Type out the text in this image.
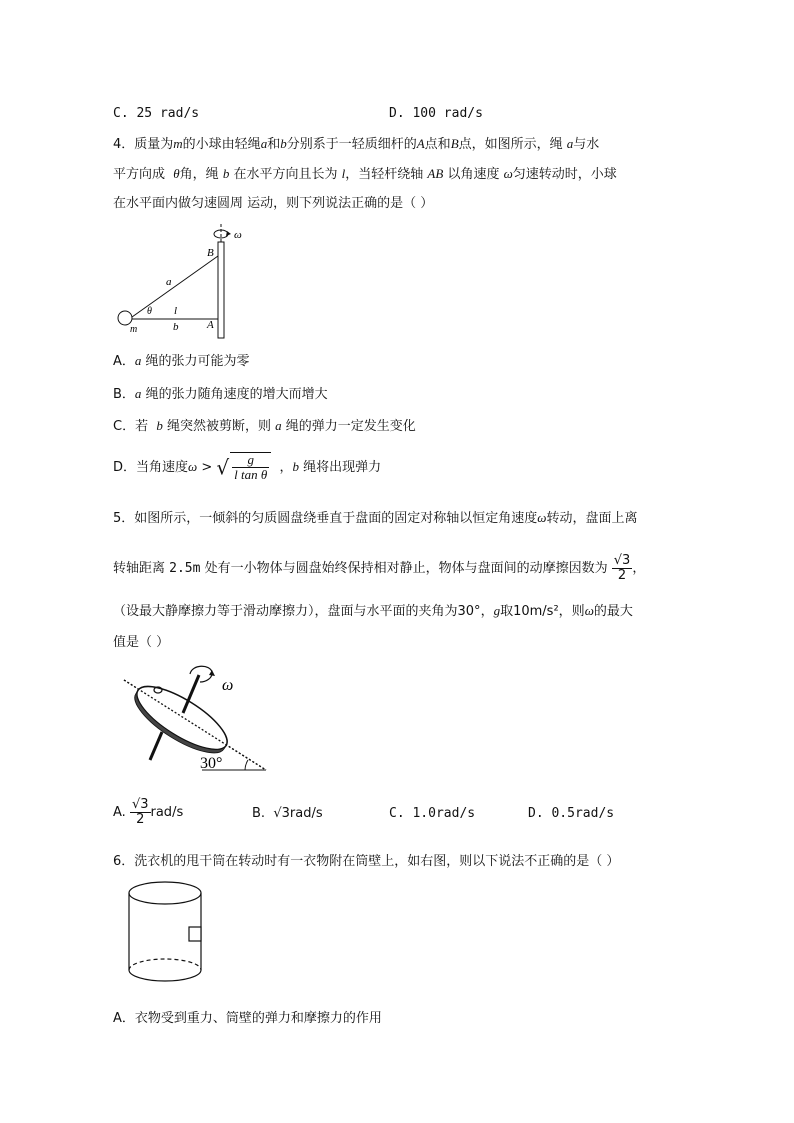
C. 25 rad/s	D. 100 rad/s
4．质量为m的小球由轻绳a和b分别系于一轻质细杆的A点和B点，如图所示，绳 a与水
平方向成 θ角，绳 b 在水平方向且长为 l，当轻杆绕轴 AB 以角速度 ω匀速转动时，小球
在水平面内做匀速圆周 运动，则下列说法正确的是（ ）
ω
B
A
a
θ l
b
m
A．a 绳的张力可能为零
B．a 绳的张力随角速度的增大而增大
C．若 b 绳突然被剪断，则 a 绳的弹力一定发生变化
D．当角速度ω > √ $\frac{g}{\text{l tan θ}}$ ，b 绳将出现弹力
5．如图所示，一倾斜的匀质圆盘绕垂直于盘面的固定对称轴以恒定角速度ω转动，盘面上离
转轴距离 2.5m 处有一小物体与圆盘始终保持相对静止，物体与盘面间的动摩擦因数为 $\frac{√3}{2}$ ，
（设最大静摩擦力等于滑动摩擦力），盘面与水平面的夹角为30°，g取10m/s²，则ω的最大
值是（ ）
ω
30°
A. $\frac{√3}{2} rad/s$	B. √3rad/s	C. 1.0rad/s	D. 0.5rad/s
6．洗衣机的甩干筒在转动时有一衣物附在筒壁上，如右图，则以下说法不正确的是（ ）
A．衣物受到重力、筒壁的弹力和摩擦力的作用
